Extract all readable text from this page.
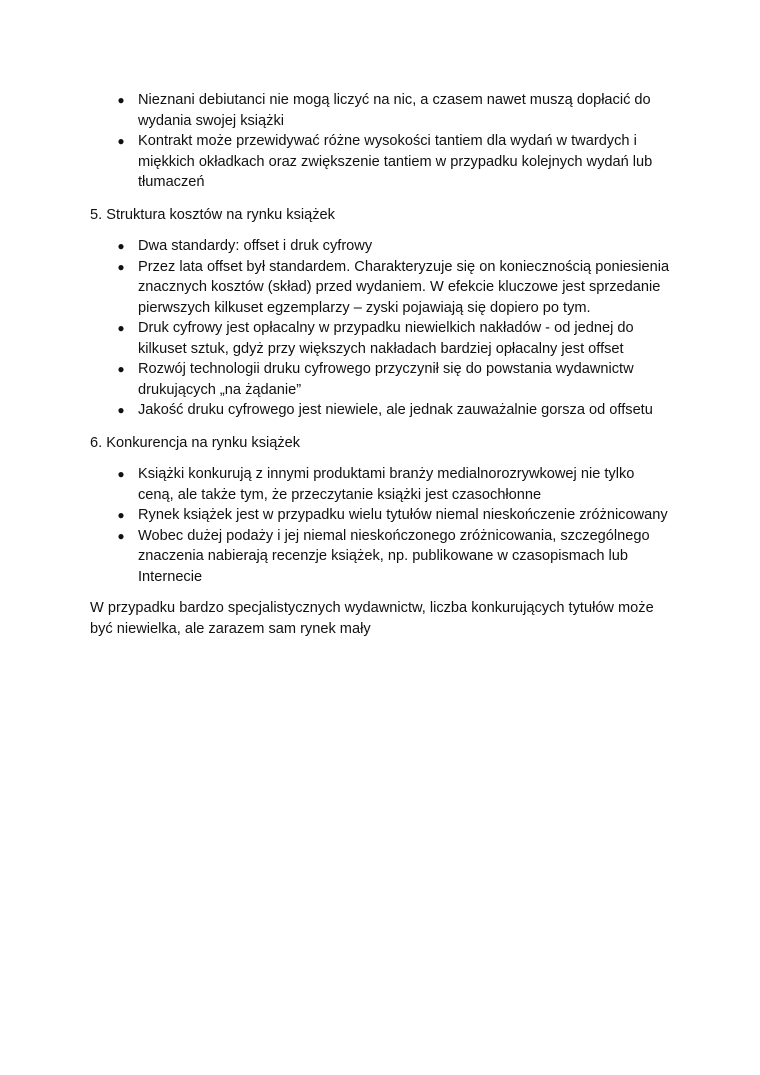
● Nieznani debiutanci nie mogą liczyć na nic, a czasem nawet muszą dopłacić do wydania swojej książki
● Kontrakt może przewidywać różne wysokości tantiem dla wydań w twardych i miękkich okładkach oraz zwiększenie tantiem w przypadku kolejnych wydań lub tłumaczeń
5. Struktura kosztów na rynku książek
● Dwa standardy: offset i druk cyfrowy
● Przez lata offset był standardem. Charakteryzuje się on koniecznością poniesienia znacznych kosztów (skład) przed wydaniem. W efekcie kluczowe jest sprzedanie pierwszych kilkuset egzemplarzy – zyski pojawiają się dopiero po tym.
● Druk cyfrowy jest opłacalny w przypadku niewielkich nakładów - od jednej do kilkuset sztuk, gdyż przy większych nakładach bardziej opłacalny jest offset
● Rozwój technologii druku cyfrowego przyczynił się do powstania wydawnictw drukujących „na żądanie”
● Jakość druku cyfrowego jest niewiele, ale jednak zauważalnie gorsza od offsetu
6. Konkurencja na rynku książek
● Książki konkurują z innymi produktami branży medialnorozrywkowej nie tylko ceną, ale także tym, że przeczytanie książki jest czasochłonne
● Rynek książek jest w przypadku wielu tytułów niemal nieskończenie zróżnicowany
● Wobec dużej podaży i jej niemal nieskończonego zróżnicowania, szczególnego znaczenia nabierają recenzje książek, np. publikowane w czasopismach lub Internecie

W przypadku bardzo specjalistycznych wydawnictw, liczba konkurujących tytułów może być niewielka, ale zarazem sam rynek mały
